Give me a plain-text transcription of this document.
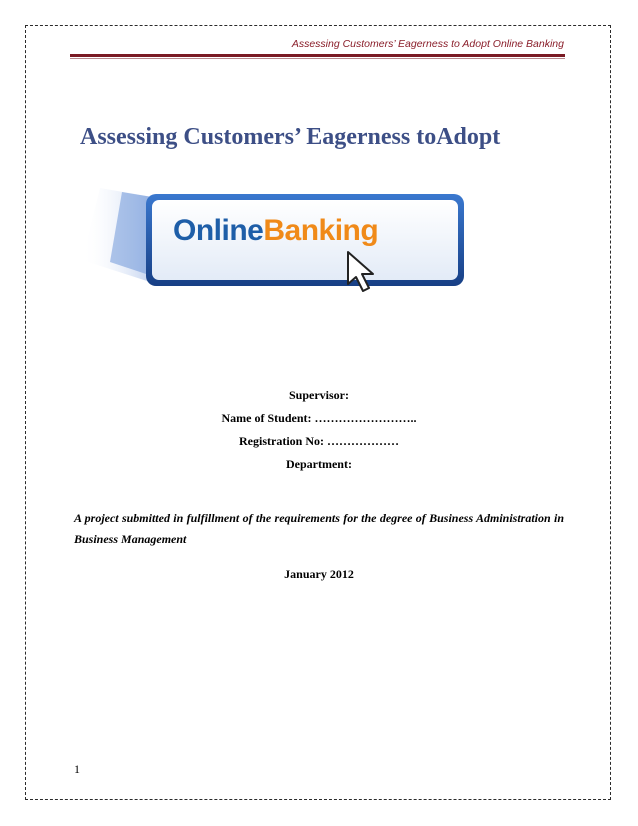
Assessing Customers’ Eagerness to Adopt Online Banking
Assessing Customers’ Eagerness toAdopt
OnlineBanking
Supervisor:
Name of Student: ……………………..
Registration No: ………………
Department:
A project submitted in fulfillment of the requirements for the degree of Business Administration in Business Management
January 2012
1
